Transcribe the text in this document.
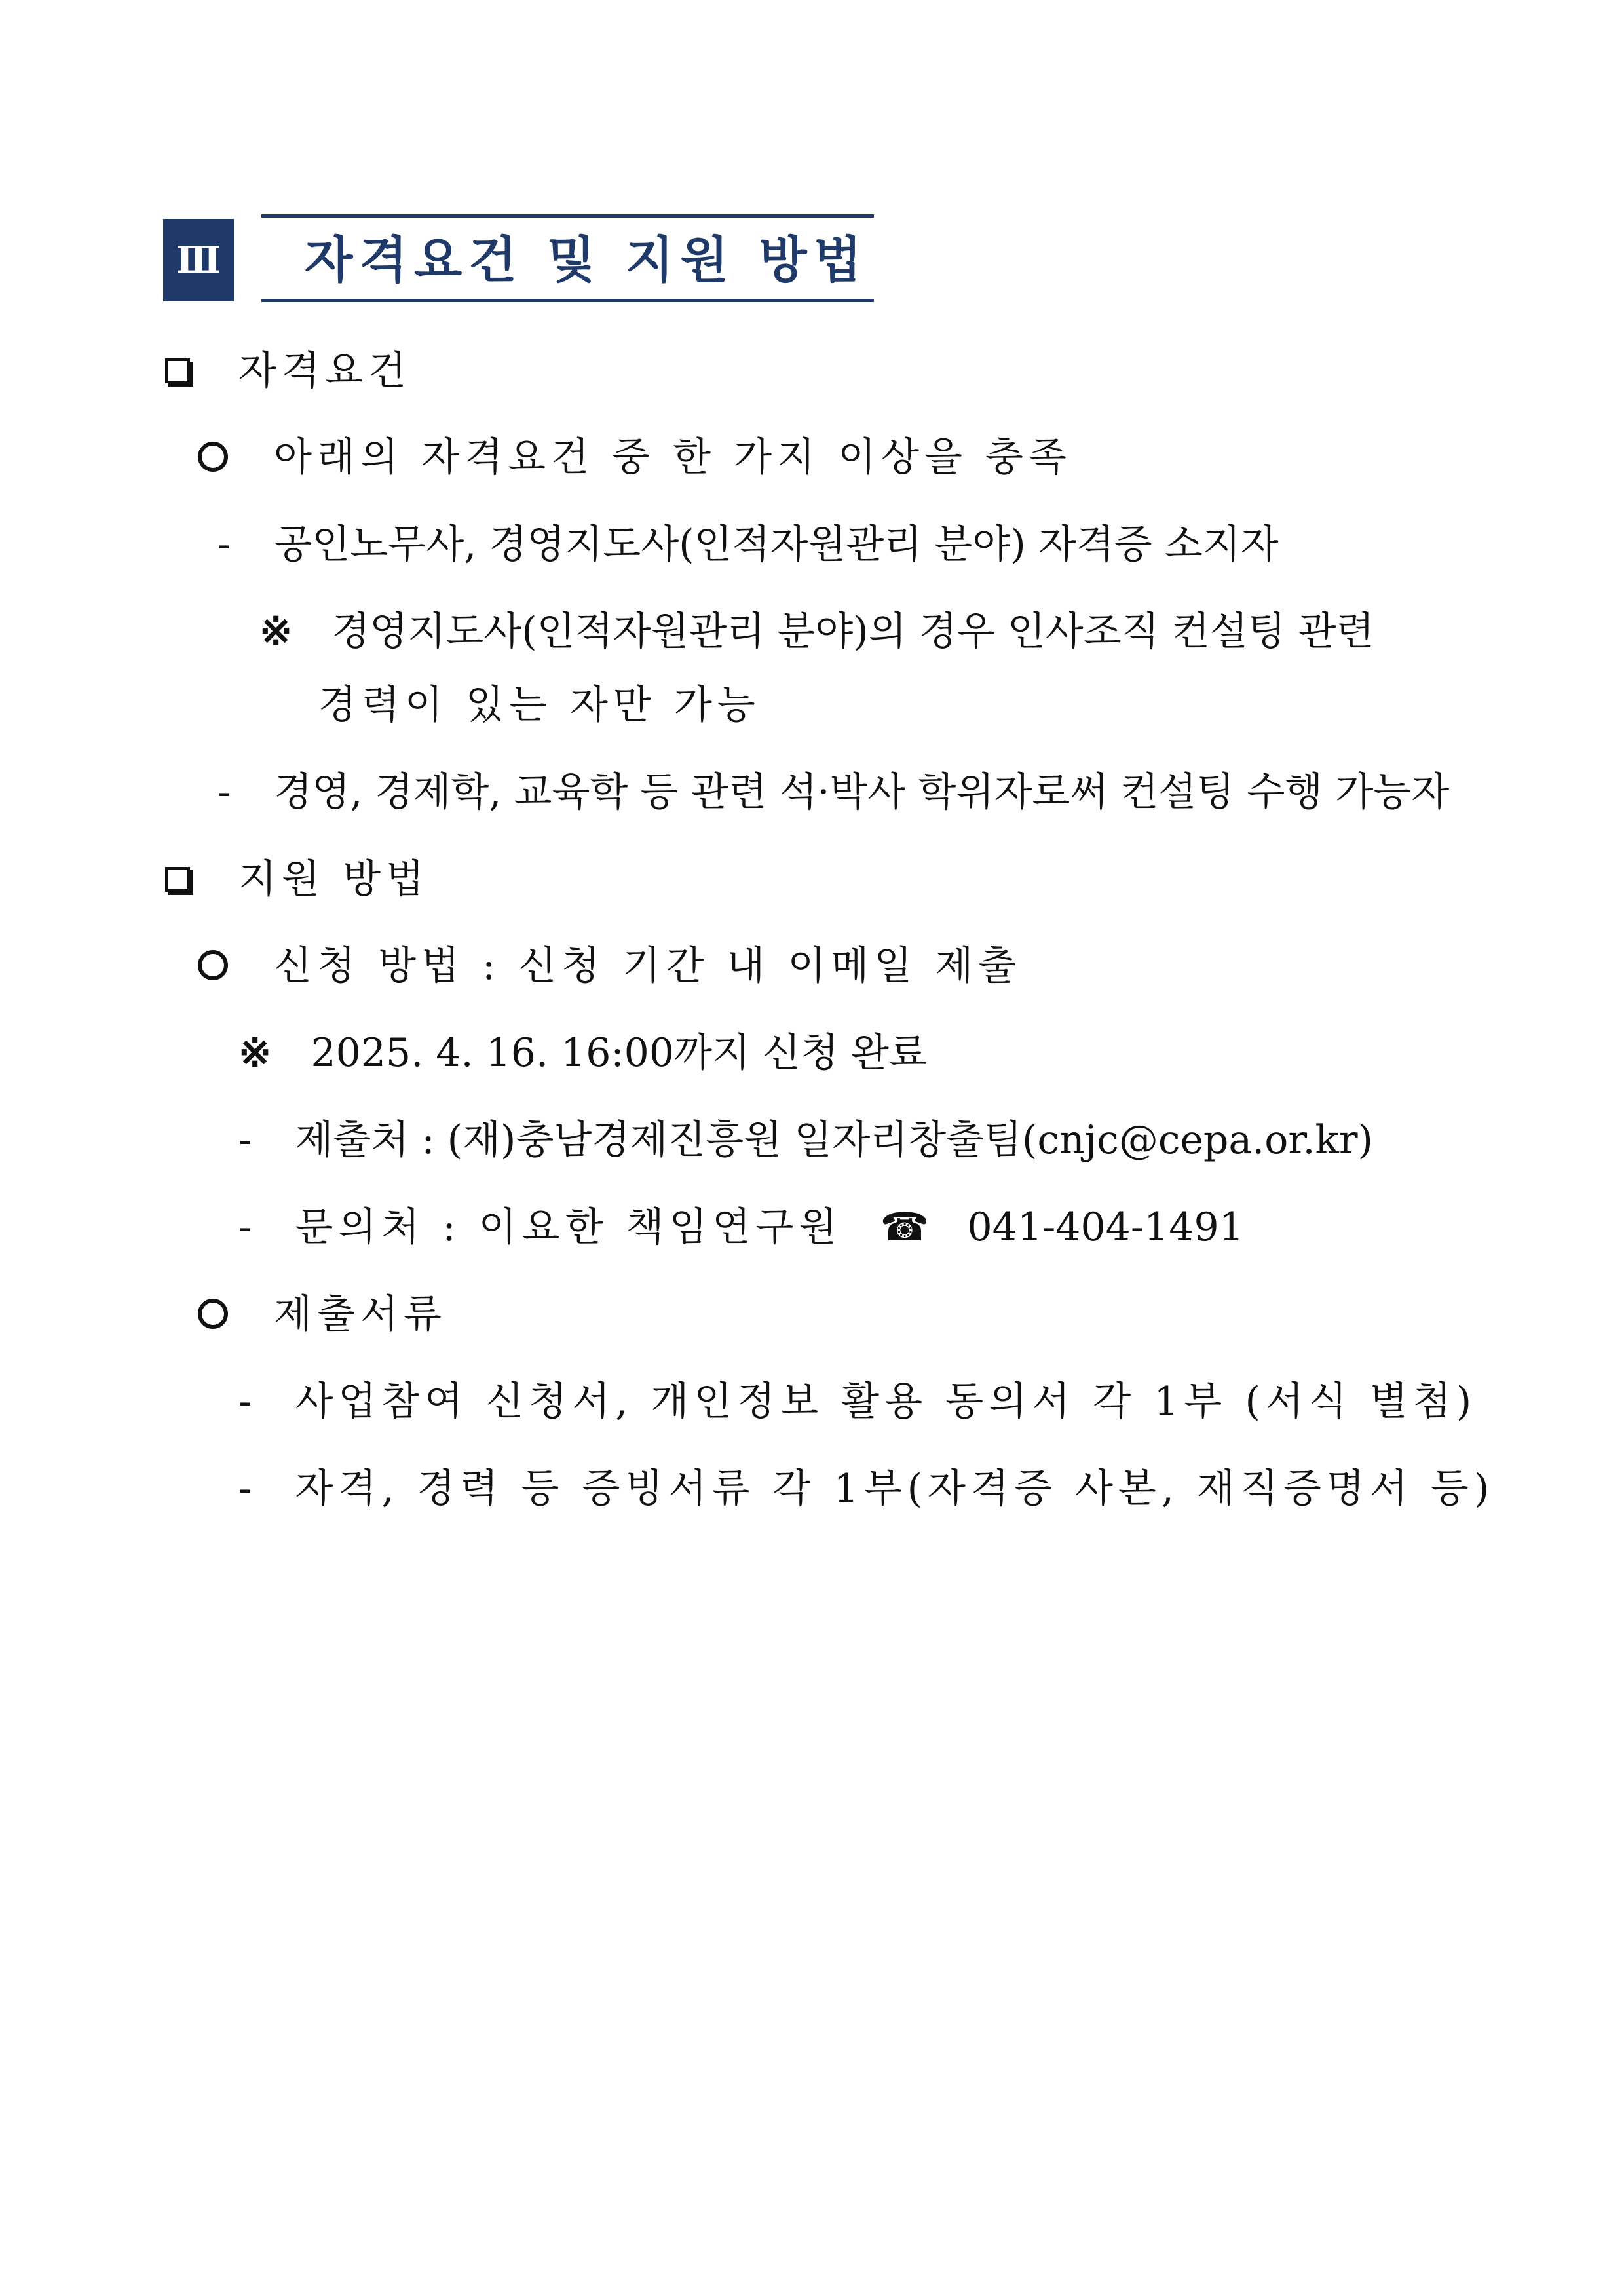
Ⅲ 자격요건 및 지원 방법
자격요건
아래의 자격요건 중 한 가지 이상을 충족
- 공인노무사, 경영지도사(인적자원관리 분야) 자격증 소지자
※ 경영지도사(인적자원관리 분야)의 경우 인사조직 컨설팅 관련
경력이 있는 자만 가능
- 경영, 경제학, 교육학 등 관련 석·박사 학위자로써 컨설팅 수행 가능자
지원 방법
신청 방법 : 신청 기간 내 이메일 제출
※ 2025. 4. 16. 16:00까지 신청 완료
- 제출처 : (재)충남경제진흥원 일자리창출팀(cnjc@cepa.or.kr)
- 문의처 : 이요한 책임연구원 ☎ 041-404-1491
제출서류
- 사업참여 신청서, 개인정보 활용 동의서 각 1부 (서식 별첨)
- 자격, 경력 등 증빙서류 각 1부(자격증 사본, 재직증명서 등)
